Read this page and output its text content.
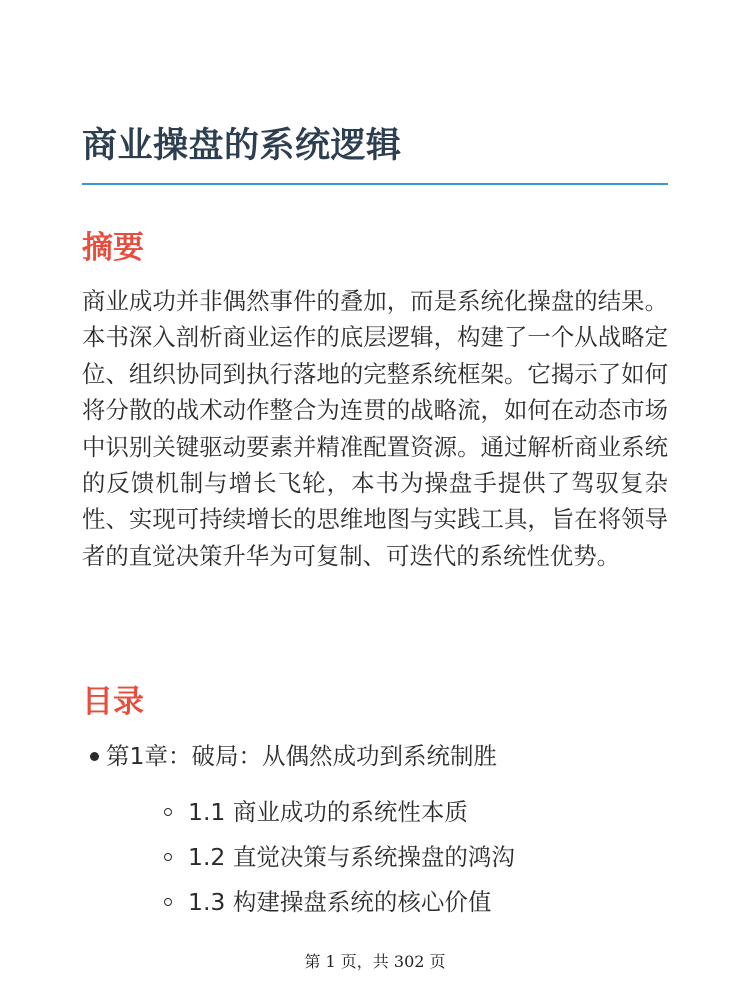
商业操盘的系统逻辑
摘要

商业成功并非偶然事件的叠加，而是系统化操盘的结果。本书深入剖析商业运作的底层逻辑，构建了一个从战略定位、组织协同到执行落地的完整系统框架。它揭示了如何将分散的战术动作整合为连贯的战略流，如何在动态市场中识别关键驱动要素并精准配置资源。通过解析商业系统的反馈机制与增长飞轮，本书为操盘手提供了驾驭复杂性、实现可持续增长的思维地图与实践工具，旨在将领导者的直觉决策升华为可复制、可迭代的系统性优势。

目录
第1章：破局：从偶然成功到系统制胜
1.1 商业成功的系统性本质
1.2 直觉决策与系统操盘的鸿沟
1.3 构建操盘系统的核心价值
第 1 页，共 302 页
